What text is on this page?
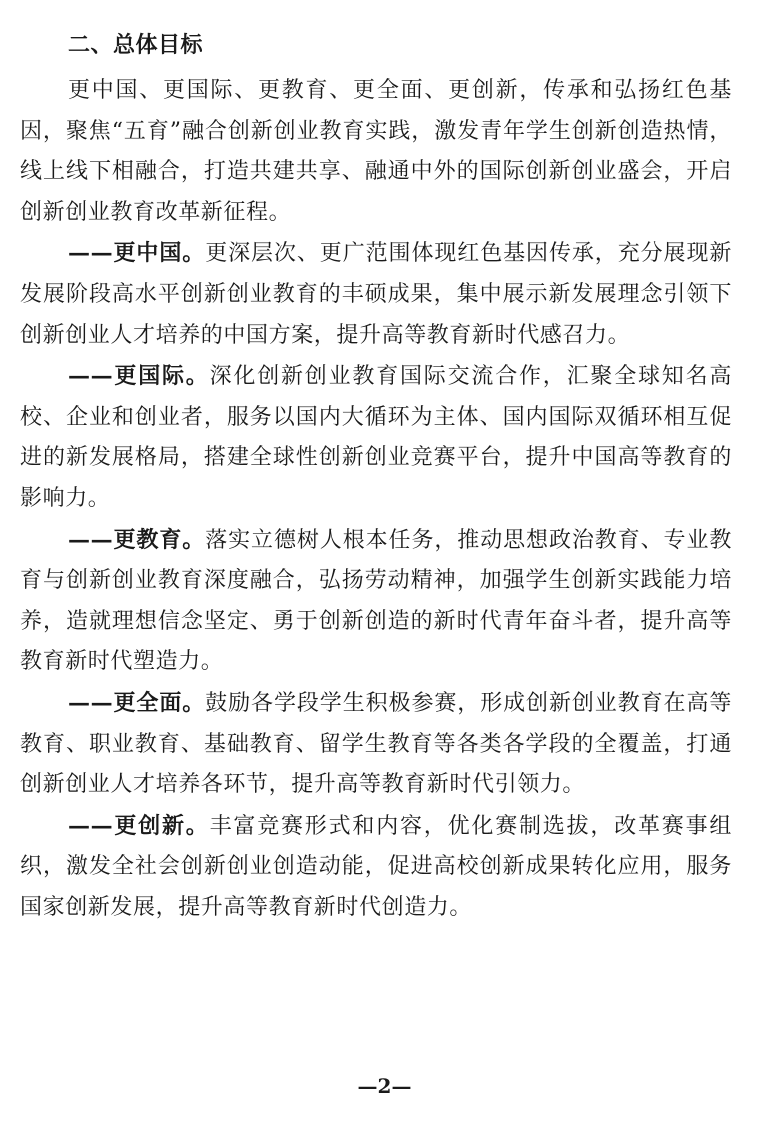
二、总体目标

更中国、更国际、更教育、更全面、更创新，传承和弘扬红色基因，聚焦“五育”融合创新创业教育实践，激发青年学生创新创造热情，线上线下相融合，打造共建共享、融通中外的国际创新创业盛会，开启创新创业教育改革新征程。

——更中国。更深层次、更广范围体现红色基因传承，充分展现新发展阶段高水平创新创业教育的丰硕成果，集中展示新发展理念引领下创新创业人才培养的中国方案，提升高等教育新时代感召力。

——更国际。深化创新创业教育国际交流合作，汇聚全球知名高校、企业和创业者，服务以国内大循环为主体、国内国际双循环相互促进的新发展格局，搭建全球性创新创业竞赛平台，提升中国高等教育的影响力。

——更教育。落实立德树人根本任务，推动思想政治教育、专业教育与创新创业教育深度融合，弘扬劳动精神，加强学生创新实践能力培养，造就理想信念坚定、勇于创新创造的新时代青年奋斗者，提升高等教育新时代塑造力。

——更全面。鼓励各学段学生积极参赛，形成创新创业教育在高等教育、职业教育、基础教育、留学生教育等各类各学段的全覆盖，打通创新创业人才培养各环节，提升高等教育新时代引领力。

——更创新。丰富竞赛形式和内容，优化赛制选拔，改革赛事组织，激发全社会创新创业创造动能，促进高校创新成果转化应用，服务国家创新发展，提升高等教育新时代创造力。

—2—
